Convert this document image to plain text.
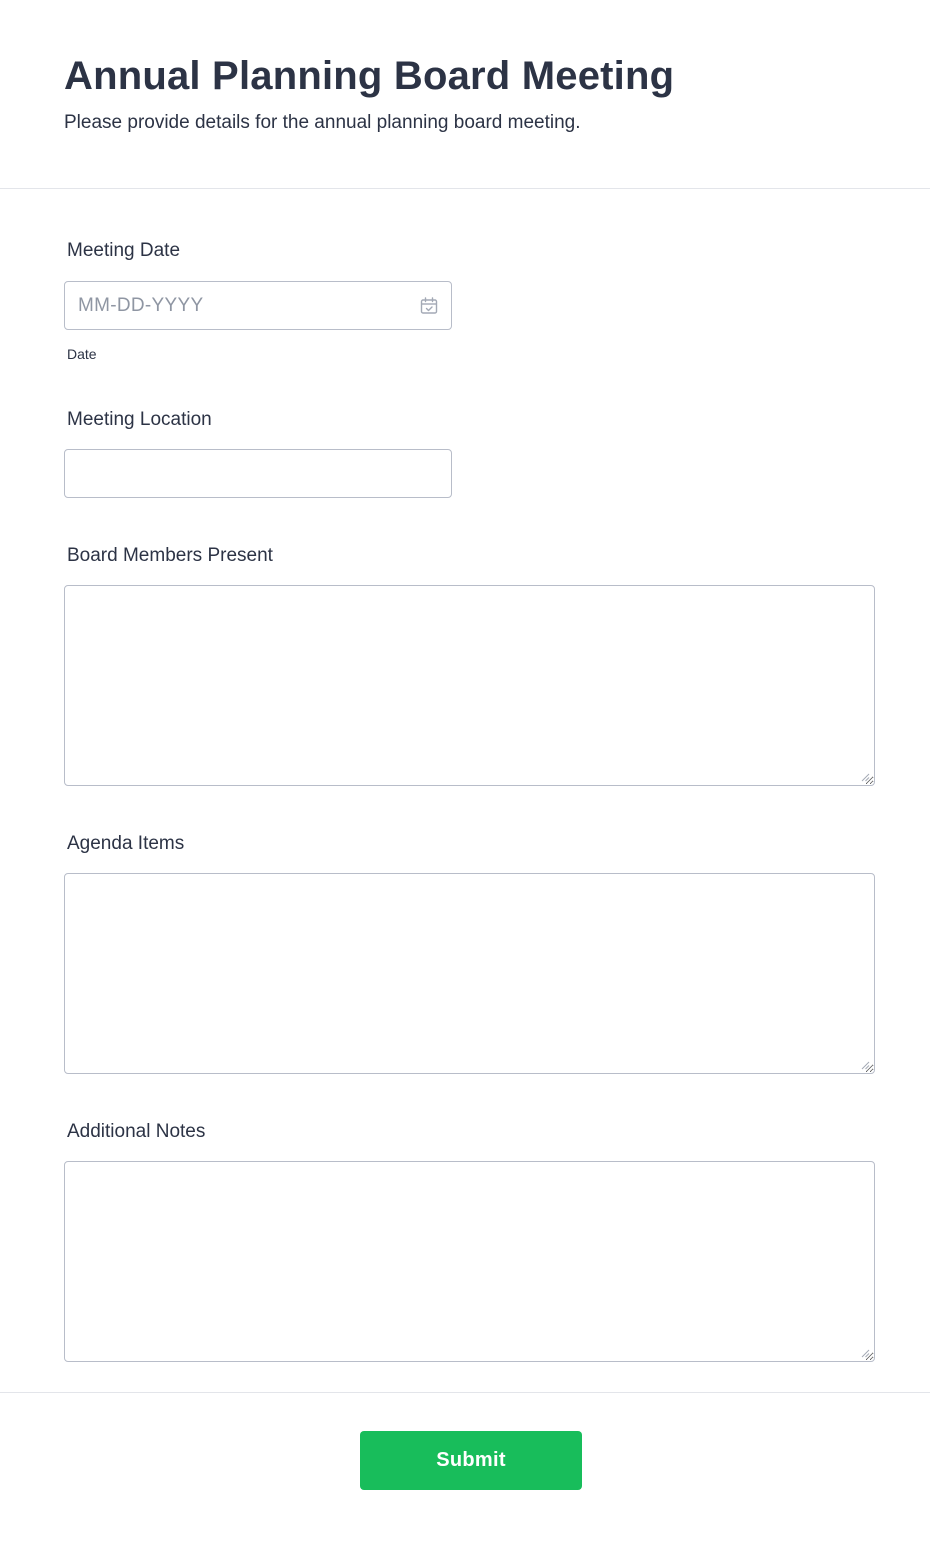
Annual Planning Board Meeting

Please provide details for the annual planning board meeting.

Meeting Date
MM-DD-YYYY
Date
Meeting Location
Board Members Present
Agenda Items
Additional Notes
Submit
